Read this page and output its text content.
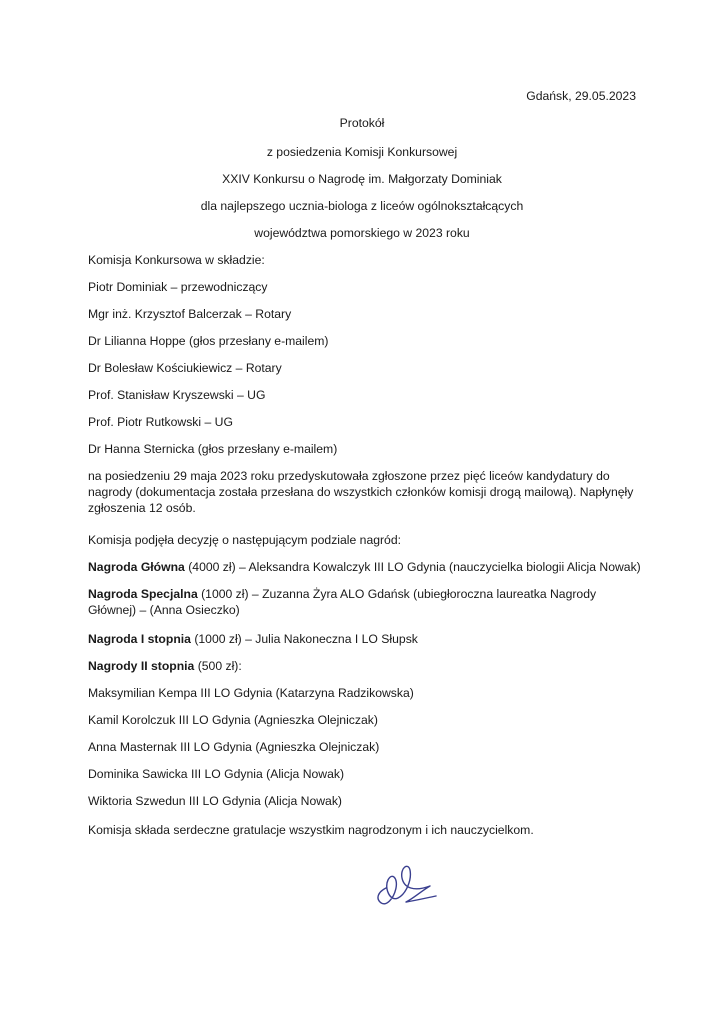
Gdańsk, 29.05.2023
Protokół
z posiedzenia Komisji Konkursowej
XXIV Konkursu o Nagrodę im. Małgorzaty Dominiak
dla najlepszego ucznia-biologa z liceów ogólnokształcących
województwa pomorskiego w 2023 roku
Komisja Konkursowa w składzie:
Piotr Dominiak – przewodniczący
Mgr inż. Krzysztof Balcerzak – Rotary
Dr Lilianna Hoppe (głos przesłany e-mailem)
Dr Bolesław Kościukiewicz – Rotary
Prof. Stanisław Kryszewski – UG
Prof. Piotr Rutkowski – UG
Dr Hanna Sternicka (głos przesłany e-mailem)
na posiedzeniu 29 maja 2023 roku przedyskutowała zgłoszone przez pięć liceów kandydatury do nagrody (dokumentacja została przesłana do wszystkich członków komisji drogą mailową). Napłynęły zgłoszenia 12 osób.
Komisja podjęła decyzję o następującym podziale nagród:
Nagroda Główna (4000 zł) – Aleksandra Kowalczyk III LO Gdynia (nauczycielka biologii Alicja Nowak)
Nagroda Specjalna (1000 zł) – Zuzanna Żyra ALO Gdańsk (ubiegłoroczna laureatka Nagrody Głównej) – (Anna Osieczko)
Nagroda I stopnia (1000 zł) – Julia Nakoneczna I LO Słupsk
Nagrody II stopnia (500 zł):
Maksymilian Kempa III LO Gdynia (Katarzyna Radzikowska)
Kamil Korolczuk III LO Gdynia (Agnieszka Olejniczak)
Anna Masternak III LO Gdynia (Agnieszka Olejniczak)
Dominika Sawicka III LO Gdynia (Alicja Nowak)
Wiktoria Szwedun III LO Gdynia (Alicja Nowak)
Komisja składa serdeczne gratulacje wszystkim nagrodzonym i ich nauczycielkom.
